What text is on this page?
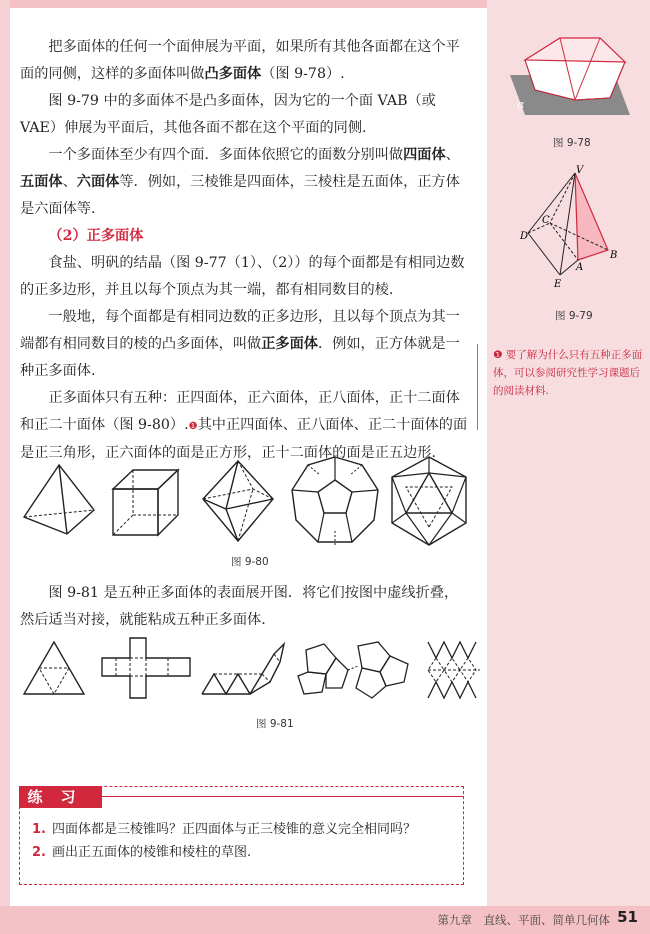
把多面体的任何一个面伸展为平面，如果所有其他各面都在这个平面的同侧，这样的多面体叫做凸多面体（图 9-78）.

图 9-79 中的多面体不是凸多面体，因为它的一个面 VAB（或 VAE）伸展为平面后，其他各面不都在这个平面的同侧.

一个多面体至少有四个面．多面体依照它的面数分别叫做四面体、五面体、六面体等．例如，三棱锥是四面体，三棱柱是五面体，正方体是六面体等.

（2）正多面体

食盐、明矾的结晶（图 9-77（1）、（2））的每个面都是有相同边数的正多边形，并且以每个顶点为其一端，都有相同数目的棱.

一般地，每个面都是有相同边数的正多边形，且以每个顶点为其一端都有相同数目的棱的凸多面体，叫做正多面体．例如，正方体就是一种正多面体.

正多面体只有五种：正四面体，正六面体，正八面体，正十二面体和正二十面体（图 9-80）.❶其中正四面体、正八面体、正二十面体的面是正三角形，正六面体的面是正方形，正十二面体的面是正五边形.

α
图 9-78
V
C
D
A
B
E
图 9-79
❶ 要了解为什么只有五种正多面体，可以参阅研究性学习课题后的阅读材料.
图 9-80

图 9-81 是五种正多面体的表面展开图．将它们按图中虚线折叠，然后适当对接，就能粘成五种正多面体.

图 9-81
练习
1. 四面体都是三棱锥吗？正四面体与正三棱锥的意义完全相同吗？
2. 画出正五面体的棱锥和棱柱的草图.
第九章　直线、平面、简单几何体 51
